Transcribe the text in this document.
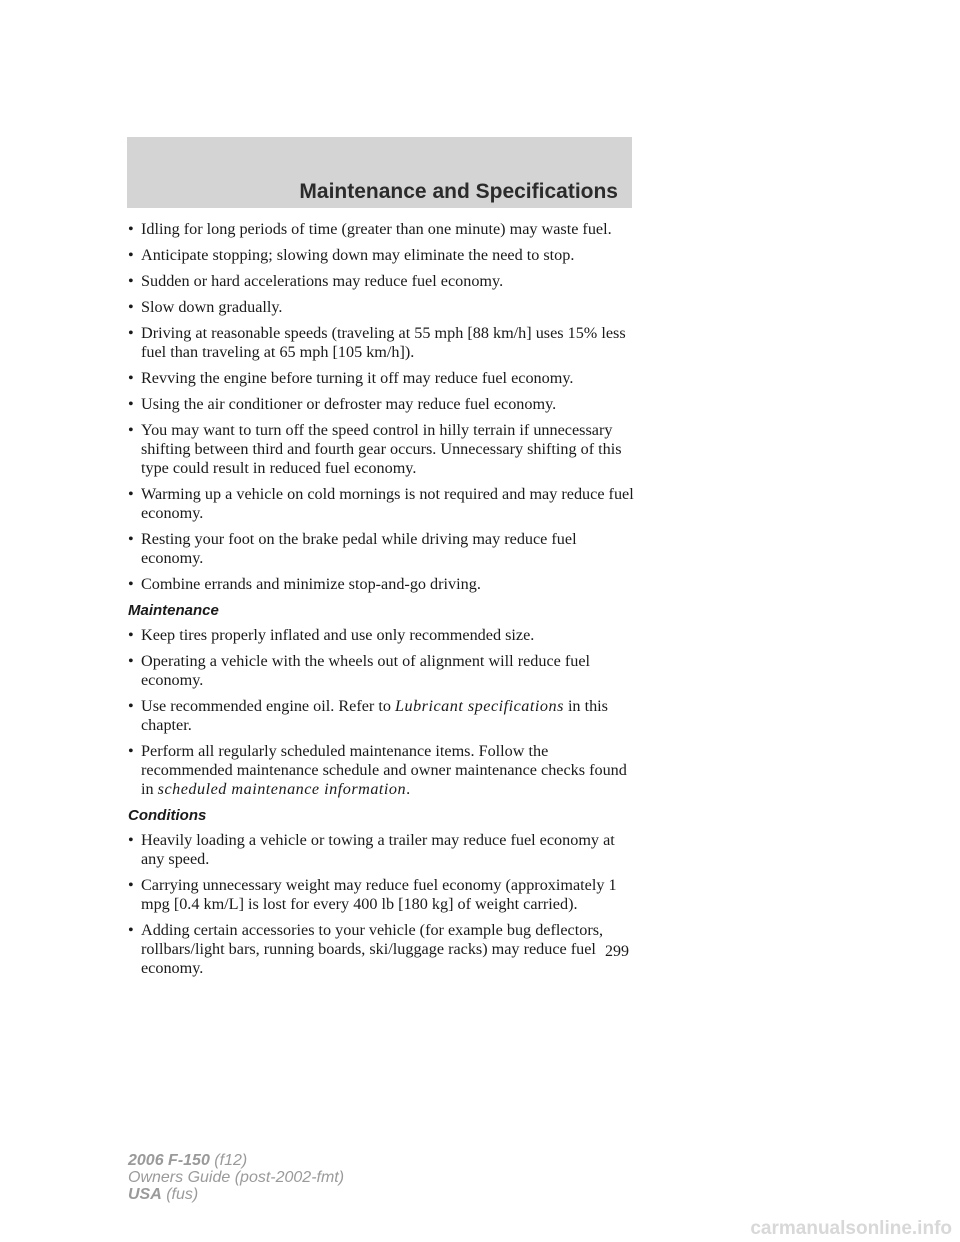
Maintenance and Specifications
• Idling for long periods of time (greater than one minute) may waste fuel.
• Anticipate stopping; slowing down may eliminate the need to stop.
• Sudden or hard accelerations may reduce fuel economy.
• Slow down gradually.
• Driving at reasonable speeds (traveling at 55 mph [88 km/h] uses 15% less fuel than traveling at 65 mph [105 km/h]).
• Revving the engine before turning it off may reduce fuel economy.
• Using the air conditioner or defroster may reduce fuel economy.
• You may want to turn off the speed control in hilly terrain if unnecessary shifting between third and fourth gear occurs. Unnecessary shifting of this type could result in reduced fuel economy.
• Warming up a vehicle on cold mornings is not required and may reduce fuel economy.
• Resting your foot on the brake pedal while driving may reduce fuel economy.
• Combine errands and minimize stop-and-go driving.
Maintenance
• Keep tires properly inflated and use only recommended size.
• Operating a vehicle with the wheels out of alignment will reduce fuel economy.
• Use recommended engine oil. Refer to Lubricant specifications in this chapter.
• Perform all regularly scheduled maintenance items. Follow the recommended maintenance schedule and owner maintenance checks found in scheduled maintenance information.
Conditions
• Heavily loading a vehicle or towing a trailer may reduce fuel economy at any speed.
• Carrying unnecessary weight may reduce fuel economy (approximately 1 mpg [0.4 km/L] is lost for every 400 lb [180 kg] of weight carried).
• Adding certain accessories to your vehicle (for example bug deflectors, rollbars/light bars, running boards, ski/luggage racks) may reduce fuel economy.
299
2006 F-150 (f12)
Owners Guide (post-2002-fmt)
USA (fus)
carmanualsonline.info
